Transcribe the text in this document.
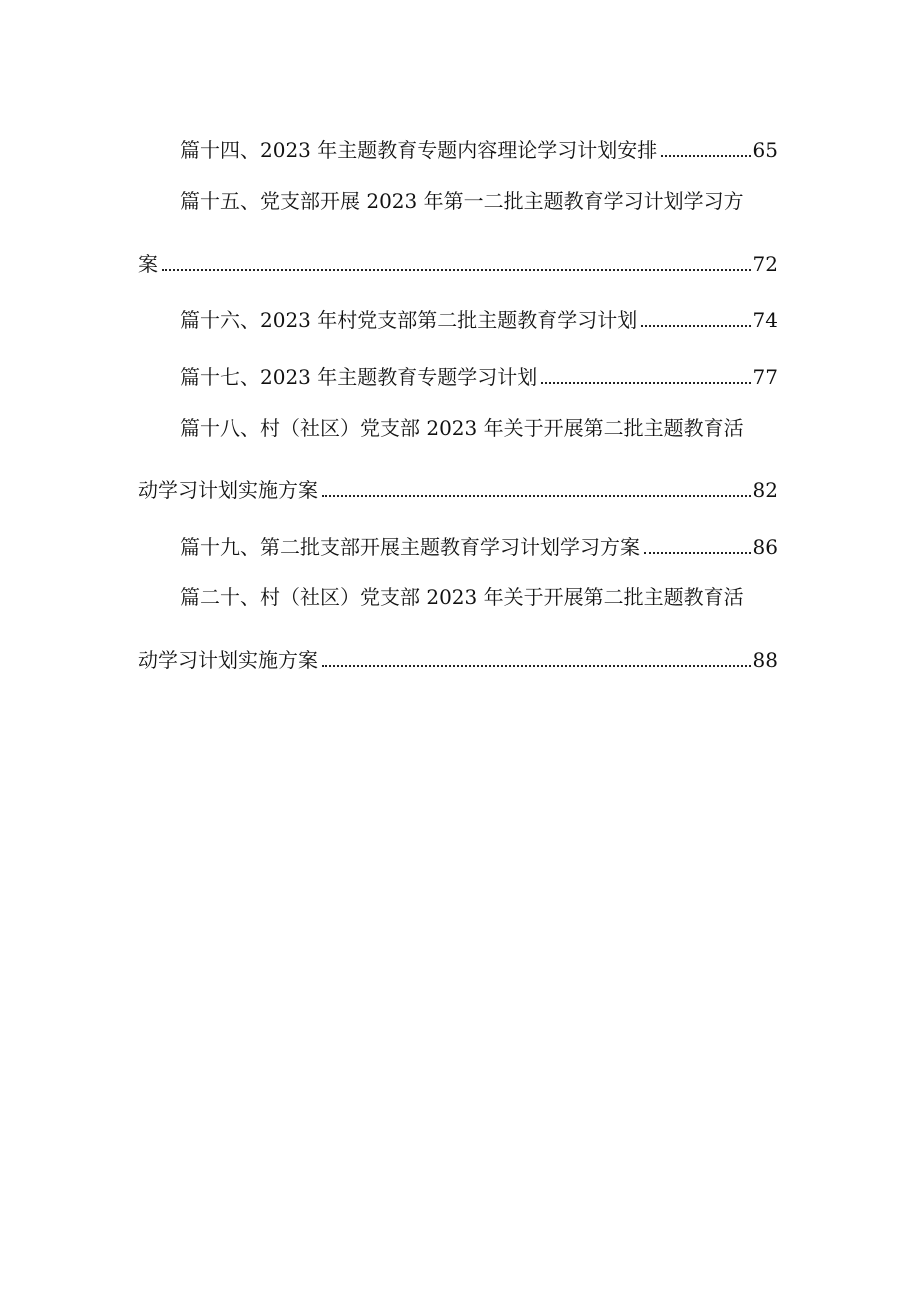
篇十四、2023 年主题教育专题内容理论学习计划安排	65
篇十五、党支部开展 2023 年第一二批主题教育学习计划学习方
案	72
篇十六、2023 年村党支部第二批主题教育学习计划	74
篇十七、2023 年主题教育专题学习计划	77
篇十八、村（社区）党支部 2023 年关于开展第二批主题教育活
动学习计划实施方案	82
篇十九、第二批支部开展主题教育学习计划学习方案	86
篇二十、村（社区）党支部 2023 年关于开展第二批主题教育活
动学习计划实施方案	88
